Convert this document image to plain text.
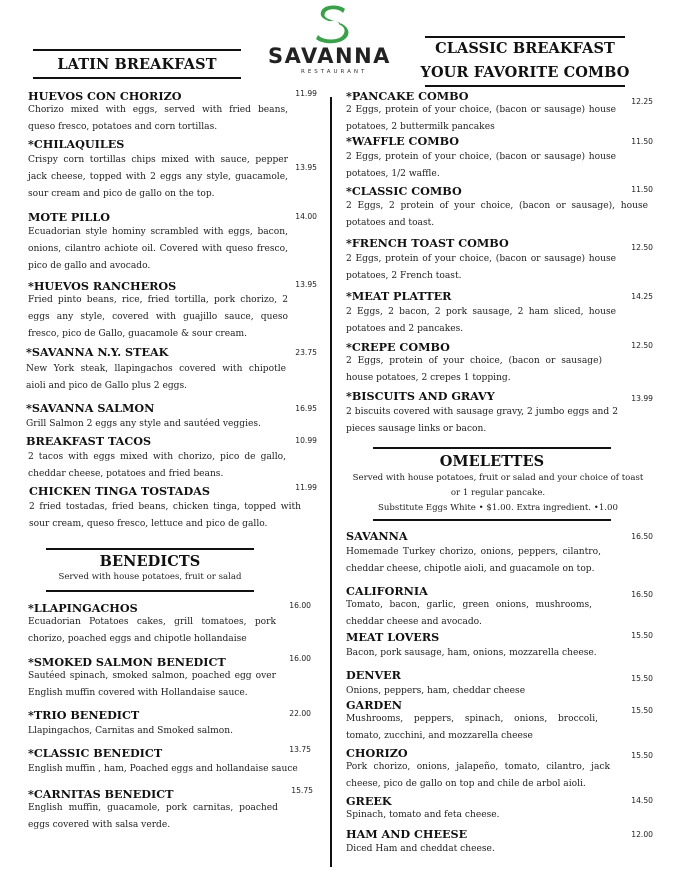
SAVANNA
RESTAURANT
LATIN BREAKFAST
HUEVOS CON CHORIZO
Chorizo mixed with eggs, served with fried beans, queso fresco, potatoes and corn tortillas.
11.99
*CHILAQUILES
Crispy corn tortillas chips mixed with sauce, pepper jack cheese, topped with 2 eggs any style, guacamole, sour cream and pico de gallo on the top.
13.95
MOTE PILLO
Ecuadorian style hominy scrambled with eggs, bacon, onions, cilantro achiote oil. Covered with queso fresco, pico de gallo and avocado.
14.00
*HUEVOS RANCHEROS
Fried pinto beans, rice, fried tortilla, pork chorizo, 2 eggs any style, covered with guajillo sauce, queso fresco, pico de Gallo, guacamole & sour cream.
13.95
*SAVANNA N.Y. STEAK
New York steak, llapingachos covered with chipotle aioli and pico de Gallo plus 2 eggs.
23.75
*SAVANNA SALMON
Grill Salmon 2 eggs any style and sautéed veggies.
16.95
BREAKFAST TACOS
2 tacos with eggs mixed with chorizo, pico de gallo, cheddar cheese, potatoes and fried beans.
10.99
CHICKEN TINGA TOSTADAS
2 fried tostadas, fried beans, chicken tinga, topped with sour cream, queso fresco, lettuce and pico de gallo.
11.99
BENEDICTS
Served with house potatoes, fruit or salad
*LLAPINGACHOS
Ecuadorian Potatoes cakes, grill tomatoes, pork chorizo, poached eggs and chipotle hollandaise
16.00
*SMOKED SALMON BENEDICT
Sautéed spinach, smoked salmon, poached egg over English muffin covered with Hollandaise sauce.
16.00
*TRIO BENEDICT
Llapingachos, Carnitas and Smoked salmon.
22.00
*CLASSIC BENEDICT
English muffin , ham, Poached eggs and hollandaise sauce
13.75
*CARNITAS BENEDICT
English muffin, guacamole, pork carnitas, poached eggs covered with salsa verde.
15.75
CLASSIC BREAKFAST
YOUR FAVORITE COMBO
*PANCAKE COMBO
2 Eggs, protein of your choice, (bacon or sausage) house potatoes, 2 buttermilk pancakes
12.25
*WAFFLE COMBO
2 Eggs, protein of your choice, (bacon or sausage) house potatoes, 1/2 waffle.
11.50
*CLASSIC COMBO
2 Eggs, 2 protein of your choice, (bacon or sausage), house potatoes and toast.
11.50
*FRENCH TOAST COMBO
2 Eggs, protein of your choice, (bacon or sausage) house potatoes, 2 French toast.
12.50
*MEAT PLATTER
2 Eggs, 2 bacon, 2 pork sausage, 2 ham sliced, house potatoes and 2 pancakes.
14.25
*CREPE COMBO
2 Eggs, protein of your choice, (bacon or sausage) house potatoes, 2 crepes 1 topping.
12.50
*BISCUITS AND GRAVY
2 biscuits covered with sausage gravy, 2 jumbo eggs and 2 pieces sausage links or bacon.
13.99
OMELETTES
Served with house potatoes, fruit or salad and your choice of toast
or 1 regular pancake.
Substitute Eggs White • $1.00. Extra ingredient. •1.00
SAVANNA
Homemade Turkey chorizo, onions, peppers, cilantro, cheddar cheese, chipotle aioli, and guacamole on top.
16.50
CALIFORNIA
Tomato, bacon, garlic, green onions, mushrooms, cheddar cheese and avocado.
16.50
MEAT LOVERS
Bacon, pork sausage, ham, onions, mozzarella cheese.
15.50
DENVER
Onions, peppers, ham, cheddar cheese
15.50
GARDEN
Mushrooms, peppers, spinach, onions, broccoli, tomato, zucchini, and mozzarella cheese
15.50
CHORIZO
Pork chorizo, onions, jalapeño, tomato, cilantro, jack cheese, pico de gallo on top and chile de arbol aioli.
15.50
GREEK
Spinach, tomato and feta cheese.
14.50
HAM AND CHEESE
Diced Ham and cheddat cheese.
12.00
